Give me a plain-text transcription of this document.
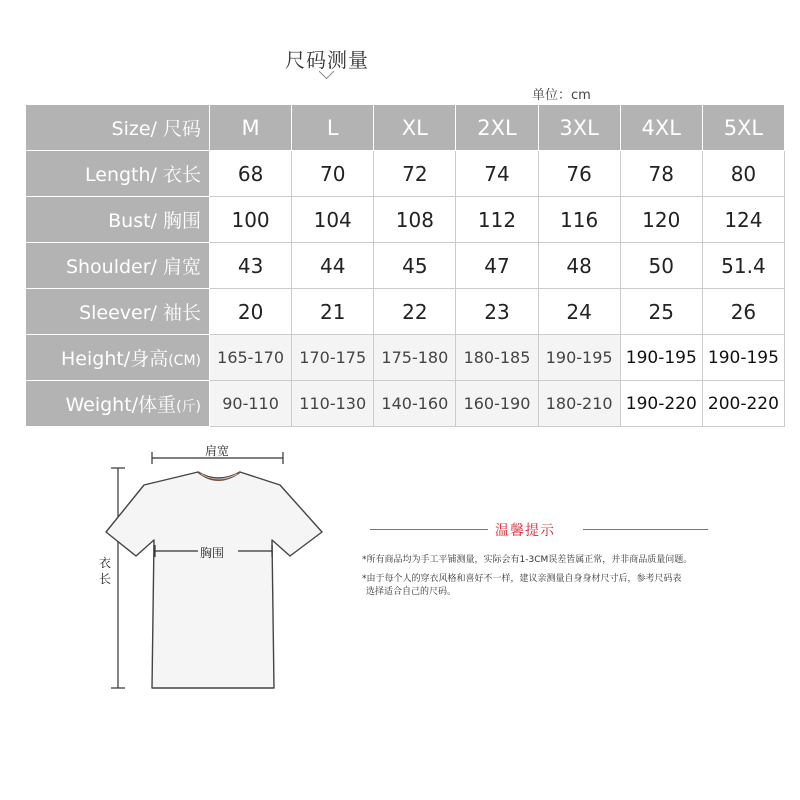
尺码测量
单位：cm
Size/ 尺码	M	L	XL	2XL	3XL	4XL	5XL
Length/ 衣长	68	70	72	74	76	78	80
Bust/ 胸围	100	104	108	112	116	120	124
Shoulder/ 肩宽	43	44	45	47	48	50	51.4
Sleever/ 袖长	20	21	22	23	24	25	26
Height/身高(CM)	165-170	170-175	175-180	180-185	190-195	190-195	190-195
Weight/体重(斤)	90-110	110-130	140-160	160-190	180-210	190-220	200-220
肩宽
胸围
衣长
温馨提示
*所有商品均为手工平铺测量，实际会有1-3CM误差皆属正常，并非商品质量问题。
*由于每个人的穿衣风格和喜好不一样，建议亲测量自身身材尺寸后，参考尺码表
选择适合自己的尺码。
